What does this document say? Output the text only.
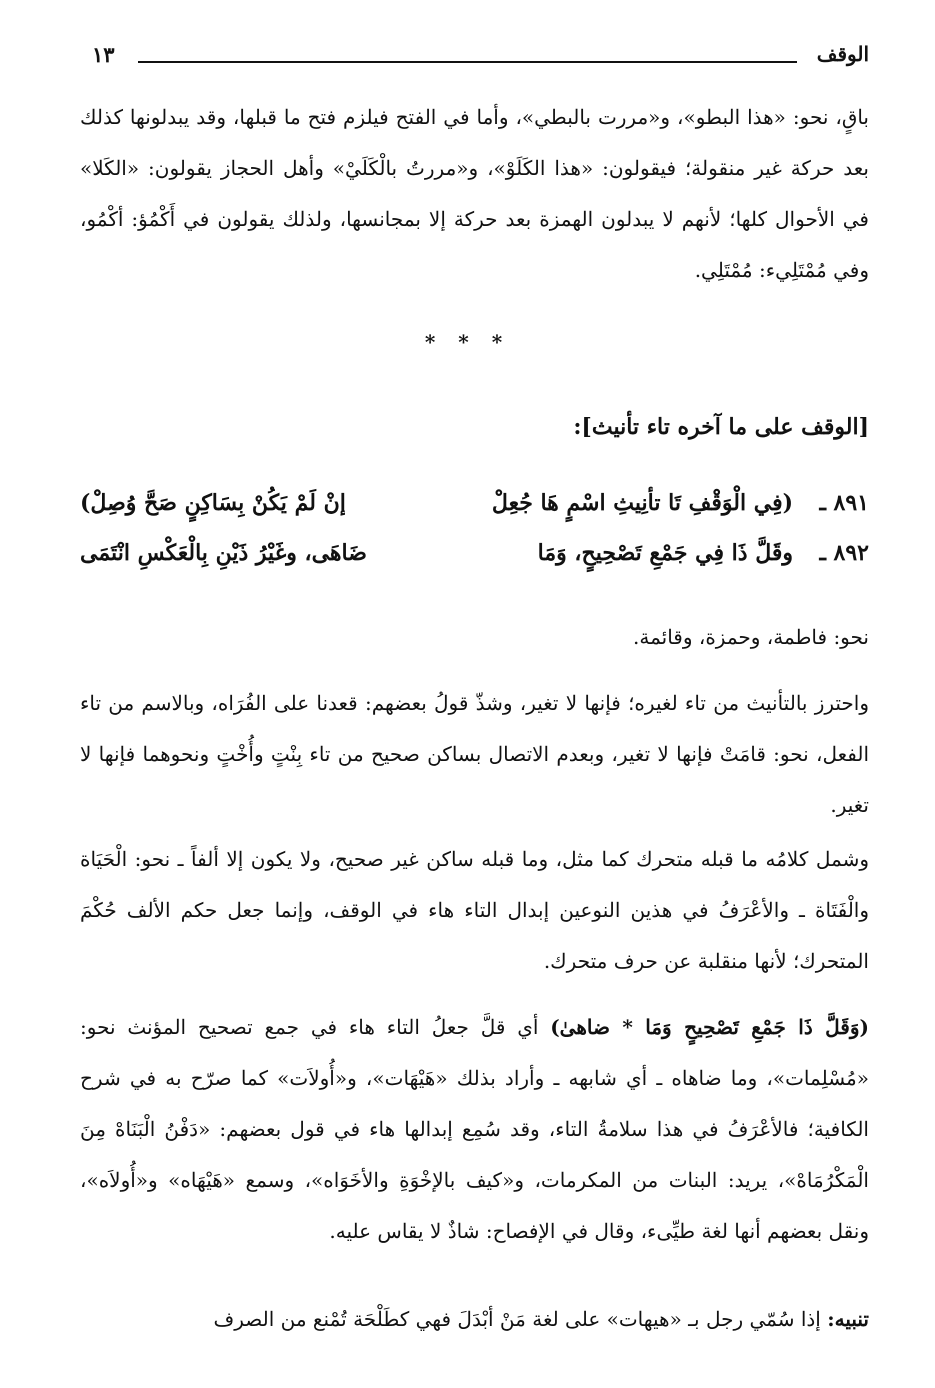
الوقف
١٣
باقٍ، نحو: «هذا البطو»، و«مررت بالبطي»، وأما في الفتح فيلزم فتح ما قبلها، وقد يبدلونها كذلك بعد حركة غير منقولة؛ فيقولون: «هذا الكَلَوْ»، و«مررتُ بالْكَلَيْ» وأهل الحجاز يقولون: «الكَلا» في الأحوال كلها؛ لأنهم لا يبدلون الهمزة بعد حركة إلا بمجانسها، ولذلك يقولون في أَكْمُؤ: أكْمُو، وفي مُمْتَلِيء: مُمْتَلِي.
* * *
[الوقف على ما آخره تاء تأنيث]:
٨٩١ ـ
(فِي الْوَقْفِ تَا تأنِيثِ اسْمٍ هَا جُعِلْ
إنْ لَمْ يَكُنْ بِسَاكِنٍ صَحَّ وُصِلْ)
٨٩٢ ـ
وقَلَّ ذَا فِي جَمْعِ تَصْحِيحٍ، وَمَا
ضَاهَى، وغَيْرُ ذَيْنِ بِالْعَكْسِ انْتَمَى
نحو: فاطمة، وحمزة، وقائمة.
واحترز بالتأنيث من تاء لغيره؛ فإنها لا تغير، وشذّ قولُ بعضهم: قعدنا على الفُرَاه، وبالاسم من تاء الفعل، نحو: قامَتْ فإنها لا تغير، وبعدم الاتصال بساكن صحيح من تاء بِنْتٍ وأُخْتٍ ونحوهما فإنها لا تغير.
وشمل كلامُه ما قبله متحرك كما مثل، وما قبله ساكن غير صحيح، ولا يكون إلا ألفاً ـ نحو: الْحَيَاة والْفَتَاة ـ والأعْرَفُ في هذين النوعين إبدال التاء هاء في الوقف، وإنما جعل حكم الألف حُكْمَ المتحرك؛ لأنها منقلبة عن حرف متحرك.
(وَقَلَّ ذَا جَمْعِ تَصْحِيحٍ وَمَا * ضاهىٰ) أي قلَّ جعلُ التاء هاء في جمع تصحيح المؤنث نحو: «مُسْلِمات»، وما ضاهاه ـ أي شابهه ـ وأراد بذلك «هَيْهَات»، و«أُولاَت» كما صرّح به في شرح الكافية؛ فالأعْرَفُ في هذا سلامةُ التاء، وقد سُمِع إبدالها هاء في قول بعضهم: «دَفْنُ الْبَنَاهْ مِنَ الْمَكْرُمَاهْ»، يريد: البنات من المكرمات، و«كيف بالإخْوَةِ والأخَوَاه»، وسمع «هَيْهَاه» و«أُولاَه»، ونقل بعضهم أنها لغة طيِّىء، وقال في الإفصاح: شاذٌ لا يقاس عليه.
تنبيه: إذا سُمّي رجل بـ «هيهات» على لغة مَنْ أبْدَلَ فهي كطَلْحَة تُمْنع من الصرف
